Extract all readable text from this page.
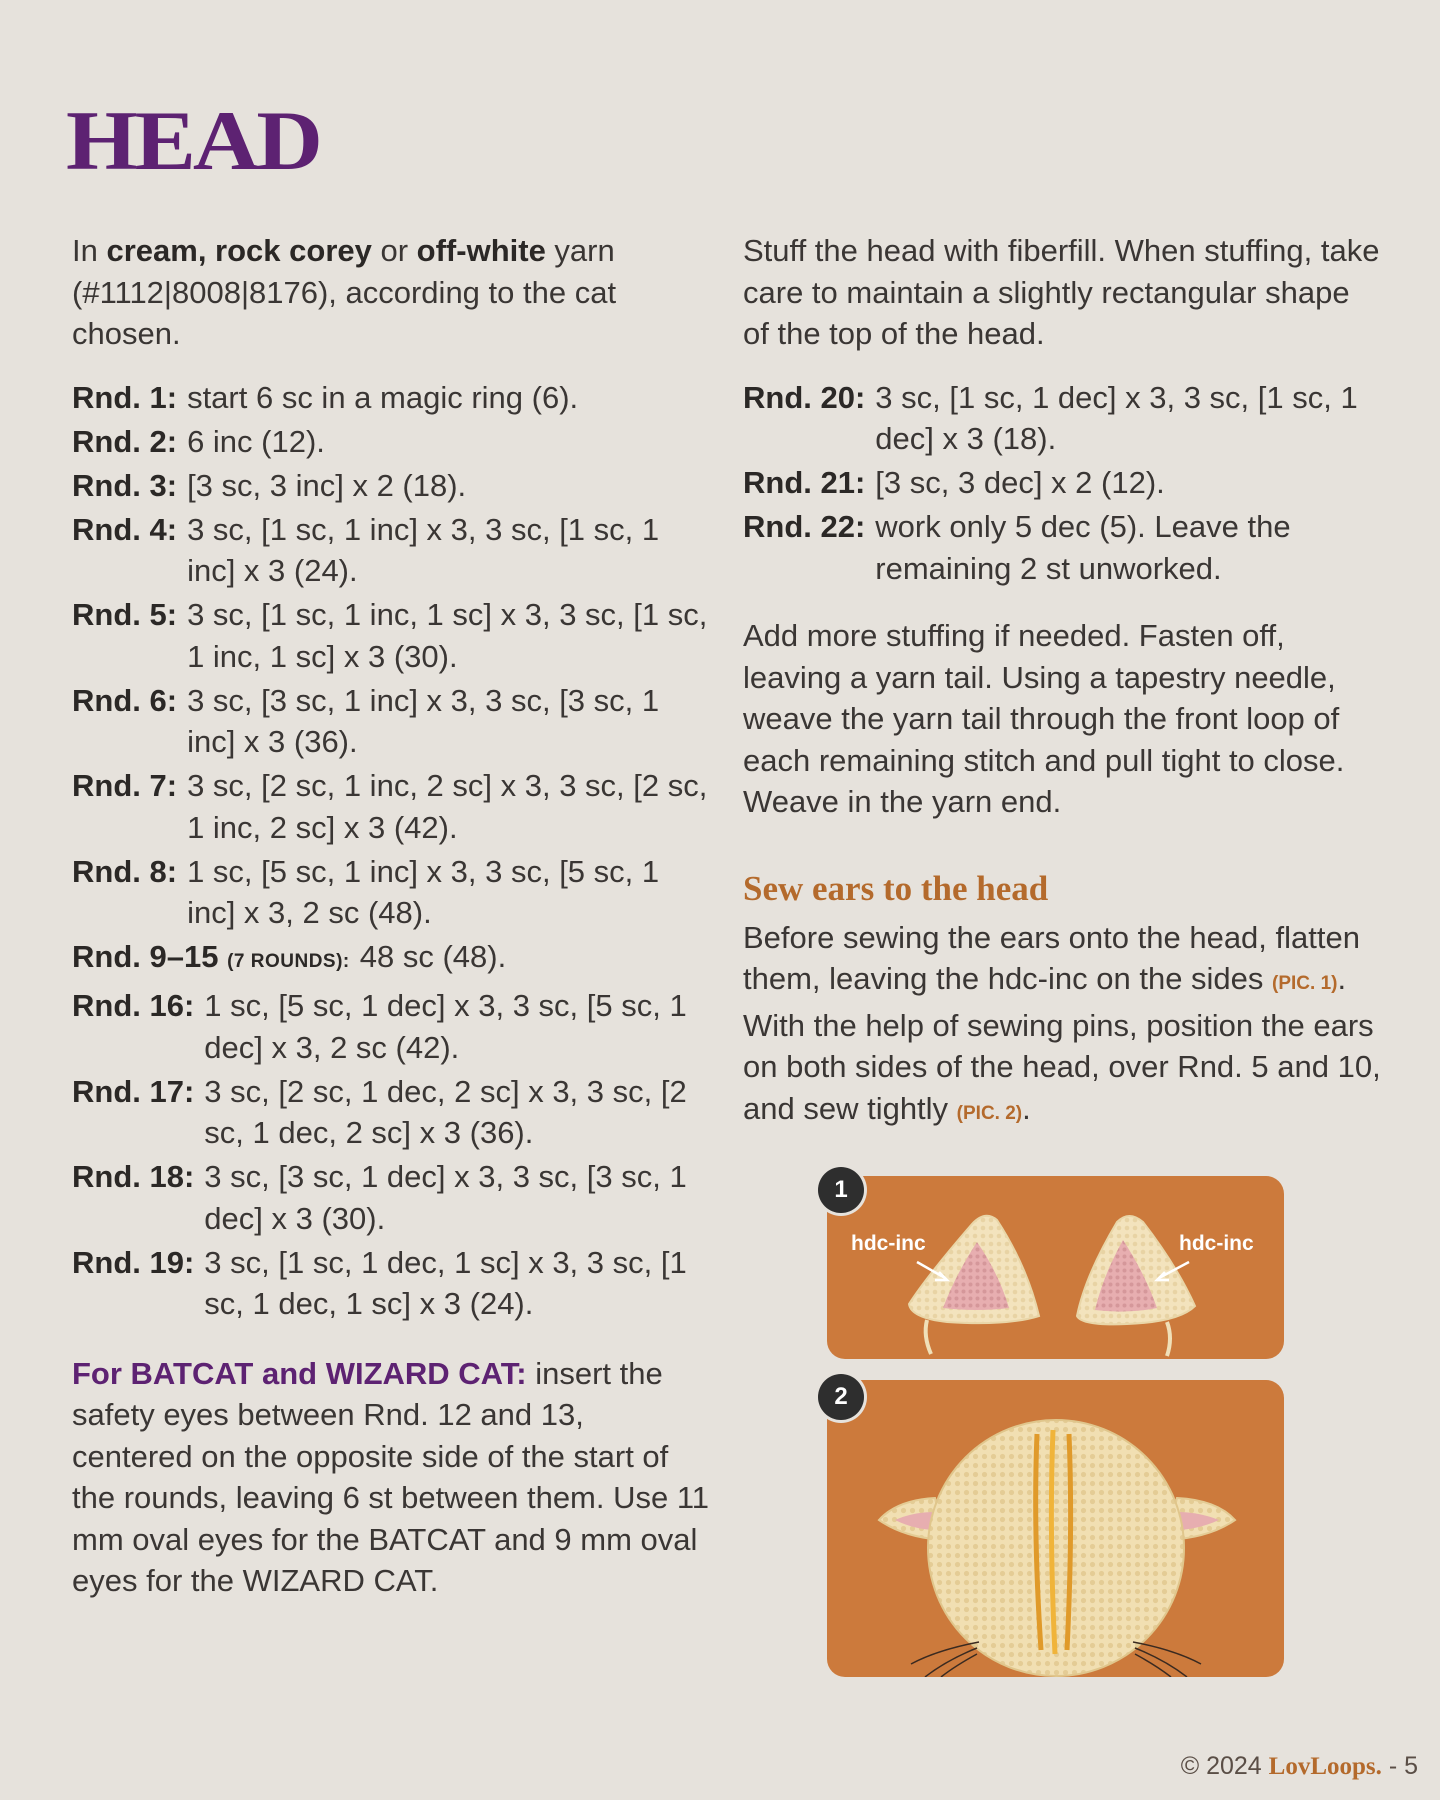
HEAD

In cream, rock corey or off-white yarn (#1112|8008|8176), according to the cat chosen.

Rnd. 1: start 6 sc in a magic ring (6).
Rnd. 2: 6 inc (12).
Rnd. 3: [3 sc, 3 inc] x 2 (18).
Rnd. 4: 3 sc, [1 sc, 1 inc] x 3, 3 sc, [1 sc, 1 inc] x 3 (24).
Rnd. 5: 3 sc, [1 sc, 1 inc, 1 sc] x 3, 3 sc, [1 sc, 1 inc, 1 sc] x 3 (30).
Rnd. 6: 3 sc, [3 sc, 1 inc] x 3, 3 sc, [3 sc, 1 inc] x 3 (36).
Rnd. 7: 3 sc, [2 sc, 1 inc, 2 sc] x 3, 3 sc, [2 sc, 1 inc, 2 sc] x 3 (42).
Rnd. 8: 1 sc, [5 sc, 1 inc] x 3, 3 sc, [5 sc, 1 inc] x 3, 2 sc (48).
Rnd. 9–15 (7 ROUNDS): 48 sc (48).
Rnd. 16: 1 sc, [5 sc, 1 dec] x 3, 3 sc, [5 sc, 1 dec] x 3, 2 sc (42).
Rnd. 17: 3 sc, [2 sc, 1 dec, 2 sc] x 3, 3 sc, [2 sc, 1 dec, 2 sc] x 3 (36).
Rnd. 18: 3 sc, [3 sc, 1 dec] x 3, 3 sc, [3 sc, 1 dec] x 3 (30).
Rnd. 19: 3 sc, [1 sc, 1 dec, 1 sc] x 3, 3 sc, [1 sc, 1 dec, 1 sc] x 3 (24).

For BATCAT and WIZARD CAT: insert the safety eyes between Rnd. 12 and 13, centered on the opposite side of the start of the rounds, leaving 6 st between them. Use 11 mm oval eyes for the BATCAT and 9 mm oval eyes for the WIZARD CAT.

Stuff the head with fiberfill. When stuffing, take care to maintain a slightly rectangular shape of the top of the head.

Rnd. 20: 3 sc, [1 sc, 1 dec] x 3, 3 sc, [1 sc, 1 dec] x 3 (18).
Rnd. 21: [3 sc, 3 dec] x 2 (12).
Rnd. 22: work only 5 dec (5). Leave the remaining 2 st unworked.

Add more stuffing if needed. Fasten off, leaving a yarn tail. Using a tapestry needle, weave the yarn tail through the front loop of each remaining stitch and pull tight to close. Weave in the yarn end.

Sew ears to the head

Before sewing the ears onto the head, flatten them, leaving the hdc-inc on the sides (PIC. 1). With the help of sewing pins, position the ears on both sides of the head, over Rnd. 5 and 10, and sew tightly (PIC. 2).

hdc-inc	hdc-inc
1
2
© 2024 LovLoops. - 5
